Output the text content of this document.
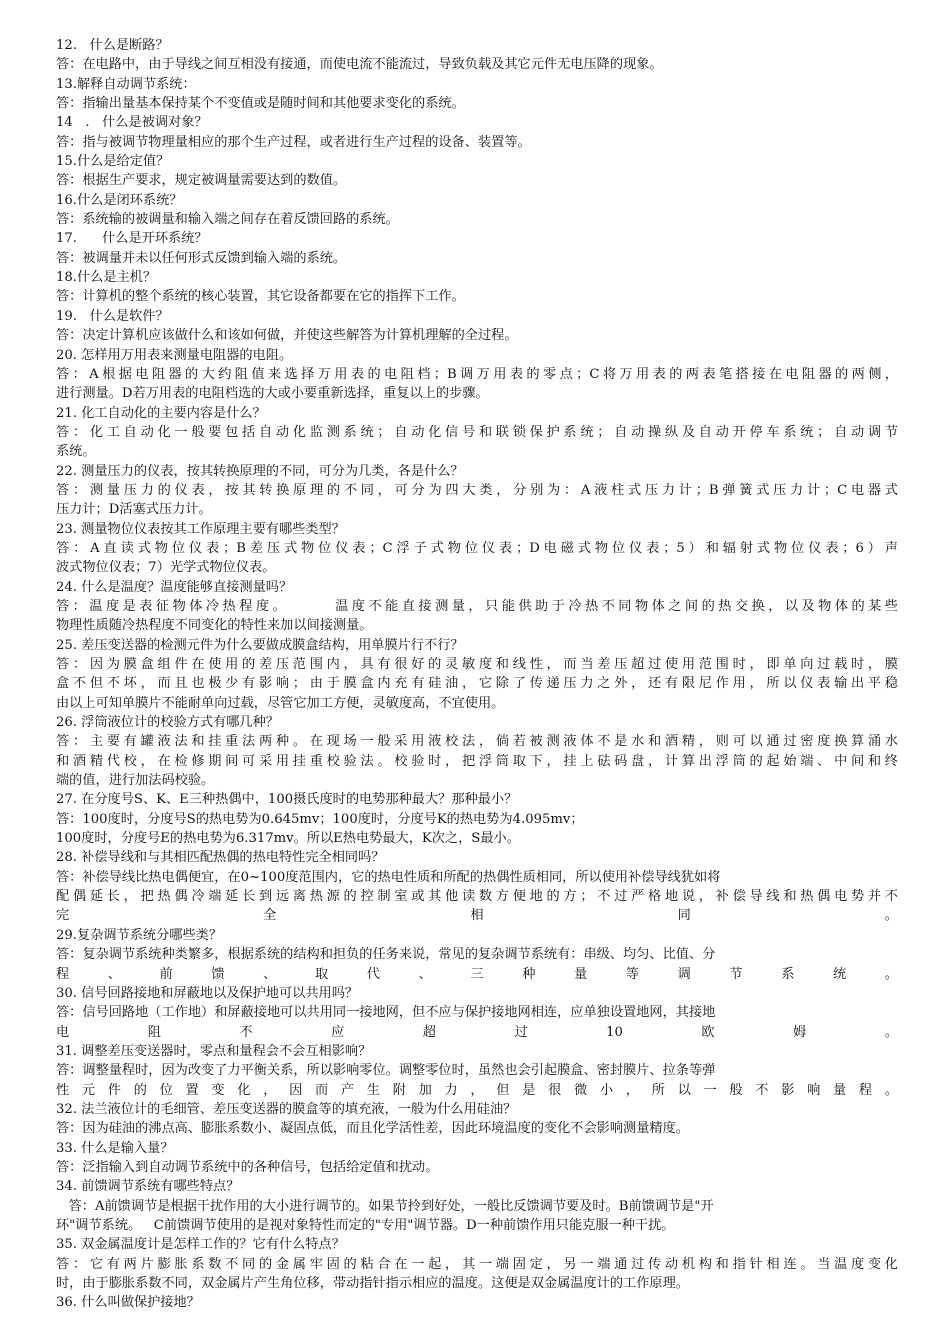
12.   什么是断路？
答：在电路中，由于导线之间互相没有接通，而使电流不能流过，导致负载及其它元件无电压降的现象。
13.解释自动调节系统：
答：指输出量基本保持某个不变值或是随时间和其他要求变化的系统。
14   .   什么是被调对象？
答：指与被调节物理量相应的那个生产过程，或者进行生产过程的设备、装置等。
15.什么是给定值？
答：根据生产要求，规定被调量需要达到的数值。
16.什么是闭环系统？
答：系统输的被调量和输入端之间存在着反馈回路的系统。
17.      什么是开环系统？
答：被调量并未以任何形式反馈到输入端的系统。
18.什么是主机？
答：计算机的整个系统的核心装置，其它设备都要在它的指挥下工作。
19.   什么是软件？
答：决定计算机应该做什么和该如何做，并使这些解答为计算机理解的全过程。
20. 怎样用万用表来测量电阻器的电阻。
答：A根据电阻器的大约阻值来选择万用表的电阻档；B调万用表的零点；C将万用表的两表笔搭接在电阻器的两侧，
进行测量。D若万用表的电阻档选的大或小要重新选择，重复以上的步骤。
21. 化工自动化的主要内容是什么？
答：化工自动化一般要包括自动化监测系统；自动化信号和联锁保护系统；自动操纵及自动开停车系统；自动调节
系统。
22. 测量压力的仪表，按其转换原理的不同，可分为几类，各是什么？
答：测量压力的仪表，按其转换原理的不同，可分为四大类，分别为：A液柱式压力计；B弹簧式压力计；C电器式
压力计；D活塞式压力计。
23. 测量物位仪表按其工作原理主要有哪些类型？
答：A直读式物位仪表；B差压式物位仪表；C浮子式物位仪表；D电磁式物位仪表；5）和辐射式物位仪表；6）声
波式物位仪表；7）光学式物位仪表。
24. 什么是温度？温度能够直接测量吗？
答：温度是表征物体冷热程度。      温度不能直接测量，只能供助于冷热不同物体之间的热交换，以及物体的某些
物理性质随冷热程度不同变化的特性来加以间接测量。
25. 差压变送器的检测元件为什么要做成膜盒结构，用单膜片行不行？
答：因为膜盒组件在使用的差压范围内，具有很好的灵敏度和线性，而当差压超过使用范围时，即单向过载时，膜
盒不但不坏，而且也极少有影响；由于膜盒内充有硅油，它除了传递压力之外，还有限尼作用，所以仪表输出平稳
由以上可知单膜片不能耐单向过载，尽管它加工方便，灵敏度高，不宜使用。
26. 浮筒液位计的校验方式有哪几种？
答：主要有罐液法和挂重法两种。在现场一般采用液校法，倘若被测液体不是水和酒精，则可以通过密度换算涌水
和酒精代校，在检修期间可采用挂重校验法。校验时，把浮筒取下，挂上砝码盘，计算出浮筒的起始端、中间和终
端的值，进行加法码校验。
27. 在分度号S、K、E三种热偶中，100摄氏度时的电势那种最大？那种最小？
答：100度时，分度号S的热电势为0.645mv；100度时，分度号K的热电势为4.095mv；
100度时，分度号E的热电势为6.317mv。所以E热电势最大，K次之，S最小。
28. 补偿导线和与其相匹配热偶的热电特性完全相同吗？
答：补偿导线比热电偶便宜，在0~100度范围内，它的热电性质和所配的热偶性质相同，所以使用补偿导线犹如将
配偶延长，把热偶冷端延长到远离热源的控制室或其他读数方便地的方；不过严格地说，补偿导线和热偶电势并不
完全相同。
29.复杂调节系统分哪些类？
答：复杂调节系统种类繁多，根据系统的结构和担负的任务来说，常见的复杂调节系统有：串级、均匀、比值、分
程、前馈、取代、三种量等调节系统。
30. 信号回路接地和屏蔽地以及保护地可以共用吗？
答：信号回路地（工作地）和屏蔽接地可以共用同一接地网，但不应与保护接地网相连，应单独设置地网，其接地
电阻不应超过10欧姆。
31. 调整差压变送器时，零点和量程会不会互相影响？
答：调整量程时，因为改变了力平衡关系，所以影响零位。调整零位时，虽然也会引起膜盒、密封膜片、拉条等弹
性元件的位置变化，因而产生附加力，但是很微小，所以一般不影响量程。
32. 法兰液位计的毛细管、差压变送器的膜盒等的填充液，一般为什么用硅油？
答：因为硅油的沸点高、膨胀系数小、凝固点低，而且化学活性差，因此环境温度的变化不会影响测量精度。
33. 什么是输入量？
答：泛指输入到自动调节系统中的各种信号，包括给定值和扰动。
34. 前馈调节系统有哪些特点？
答：A前馈调节是根据干扰作用的大小进行调节的。如果节拎到好处，一般比反馈调节要及时。B前馈调节是"开
环"调节系统。   C前馈调节使用的是视对象特性而定的"专用"调节器。D一种前馈作用只能克服一种干扰。
35. 双金属温度计是怎样工作的？它有什么特点？
答：它有两片膨胀系数不同的金属牢固的粘合在一起，其一端固定，另一端通过传动机构和指针相连。当温度变化
时，由于膨胀系数不同，双金属片产生角位移，带动指针指示相应的温度。这便是双金属温度计的工作原理。
36. 什么叫做保护接地？
